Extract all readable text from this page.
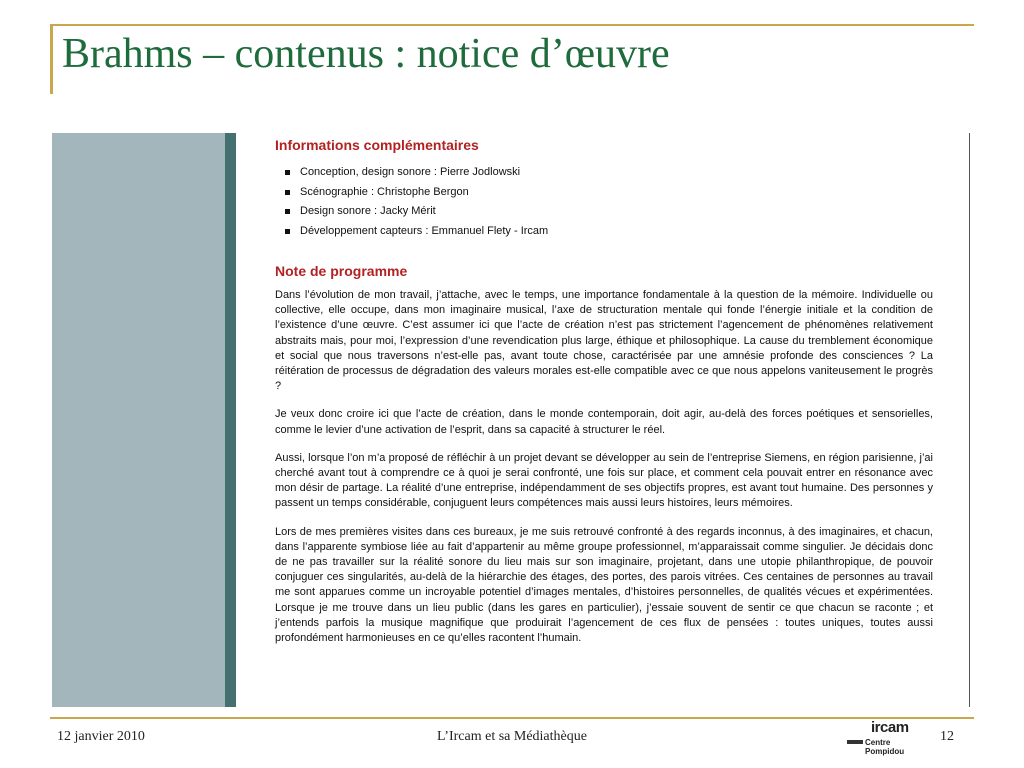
Brahms – contenus : notice d’œuvre
Informations complémentaires
Conception, design sonore : Pierre Jodlowski
Scénographie : Christophe Bergon
Design sonore : Jacky Mérit
Développement capteurs : Emmanuel Flety - Ircam
Note de programme

Dans l’évolution de mon travail, j’attache, avec le temps, une importance fondamentale à la question de la mémoire. Individuelle ou collective, elle occupe, dans mon imaginaire musical, l’axe de structuration mentale qui fonde l’énergie initiale et la condition de l’existence d’une œuvre. C’est assumer ici que l’acte de création n’est pas strictement l’agencement de phénomènes relativement abstraits mais, pour moi, l’expression d’une revendication plus large, éthique et philosophique. La cause du tremblement économique et social que nous traversons n’est-elle pas, avant toute chose, caractérisée par une amnésie profonde des consciences ? La réitération de processus de dégradation des valeurs morales est-elle compatible avec ce que nous appelons vaniteusement le progrès ?

Je veux donc croire ici que l’acte de création, dans le monde contemporain, doit agir, au-delà des forces poétiques et sensorielles, comme le levier d’une activation de l’esprit, dans sa capacité à structurer le réel.

Aussi, lorsque l’on m’a proposé de réfléchir à un projet devant se développer au sein de l’entreprise Siemens, en région parisienne, j’ai cherché avant tout à comprendre ce à quoi je serai confronté, une fois sur place, et comment cela pouvait entrer en résonance avec mon désir de partage. La réalité d’une entreprise, indépendamment de ses objectifs propres, est avant tout humaine. Des personnes y passent un temps considérable, conjuguent leurs compétences mais aussi leurs histoires, leurs mémoires.

Lors de mes premières visites dans ces bureaux, je me suis retrouvé confronté à des regards inconnus, à des imaginaires, et chacun, dans l’apparente symbiose liée au fait d’appartenir au même groupe professionnel, m’apparaissait comme singulier. Je décidais donc de ne pas travailler sur la réalité sonore du lieu mais sur son imaginaire, projetant, dans une utopie philanthropique, de pouvoir conjuguer ces singularités, au-delà de la hiérarchie des étages, des portes, des parois vitrées. Ces centaines de personnes au travail me sont apparues comme un incroyable potentiel d’images mentales, d’histoires personnelles, de qualités vécues et expérimentées. Lorsque je me trouve dans un lieu public (dans les gares en particulier), j’essaie souvent de sentir ce que chacun se raconte ; et j’entends parfois la musique magnifique que produirait l’agencement de ces flux de pensées : toutes uniques, toutes aussi profondément harmonieuses en ce qu’elles racontent l’humain.

12 janvier 2010	L’Ircam et sa Médiathèque
ircam
Centre
Pompidou
12
